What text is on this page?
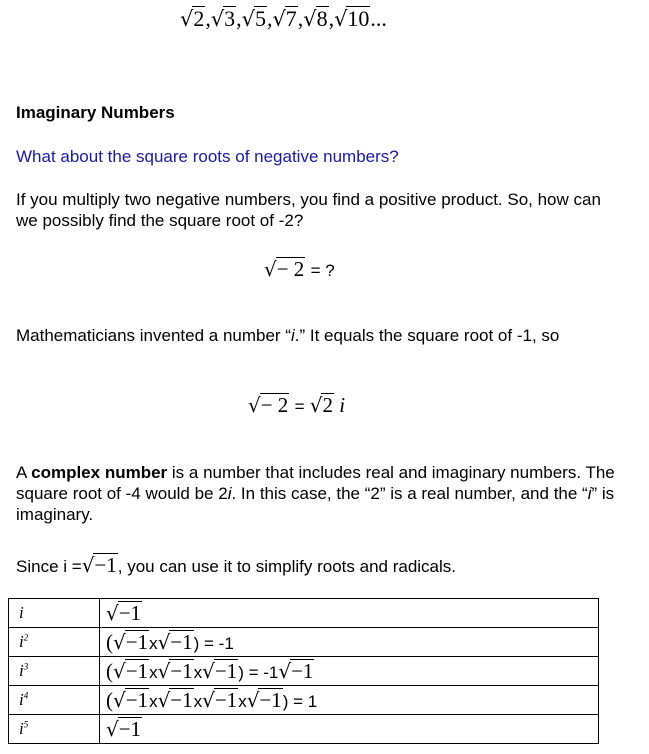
√2,√3,√5,√7,√8,√10...
Imaginary Numbers
What about the square roots of negative numbers?
If you multiply two negative numbers, you find a positive product. So, how can we possibly find the square root of -2?
√− 2 = ?
Mathematicians invented a number “i.” It equals the square root of -1, so
√− 2 = √2 i
A complex number is a number that includes real and imaginary numbers. The square root of -4 would be 2i. In this case, the “2” is a real number, and the “i” is imaginary.
Since i =√−1, you can use it to simplify roots and radicals.
i	√−1
$i^2$	(√−1x√−1) = -1
$i^3$	(√−1x√−1x√−1) = -1√−1
$i^4$	(√−1x√−1x√−1x√−1) = 1
$i^5$	√−1
